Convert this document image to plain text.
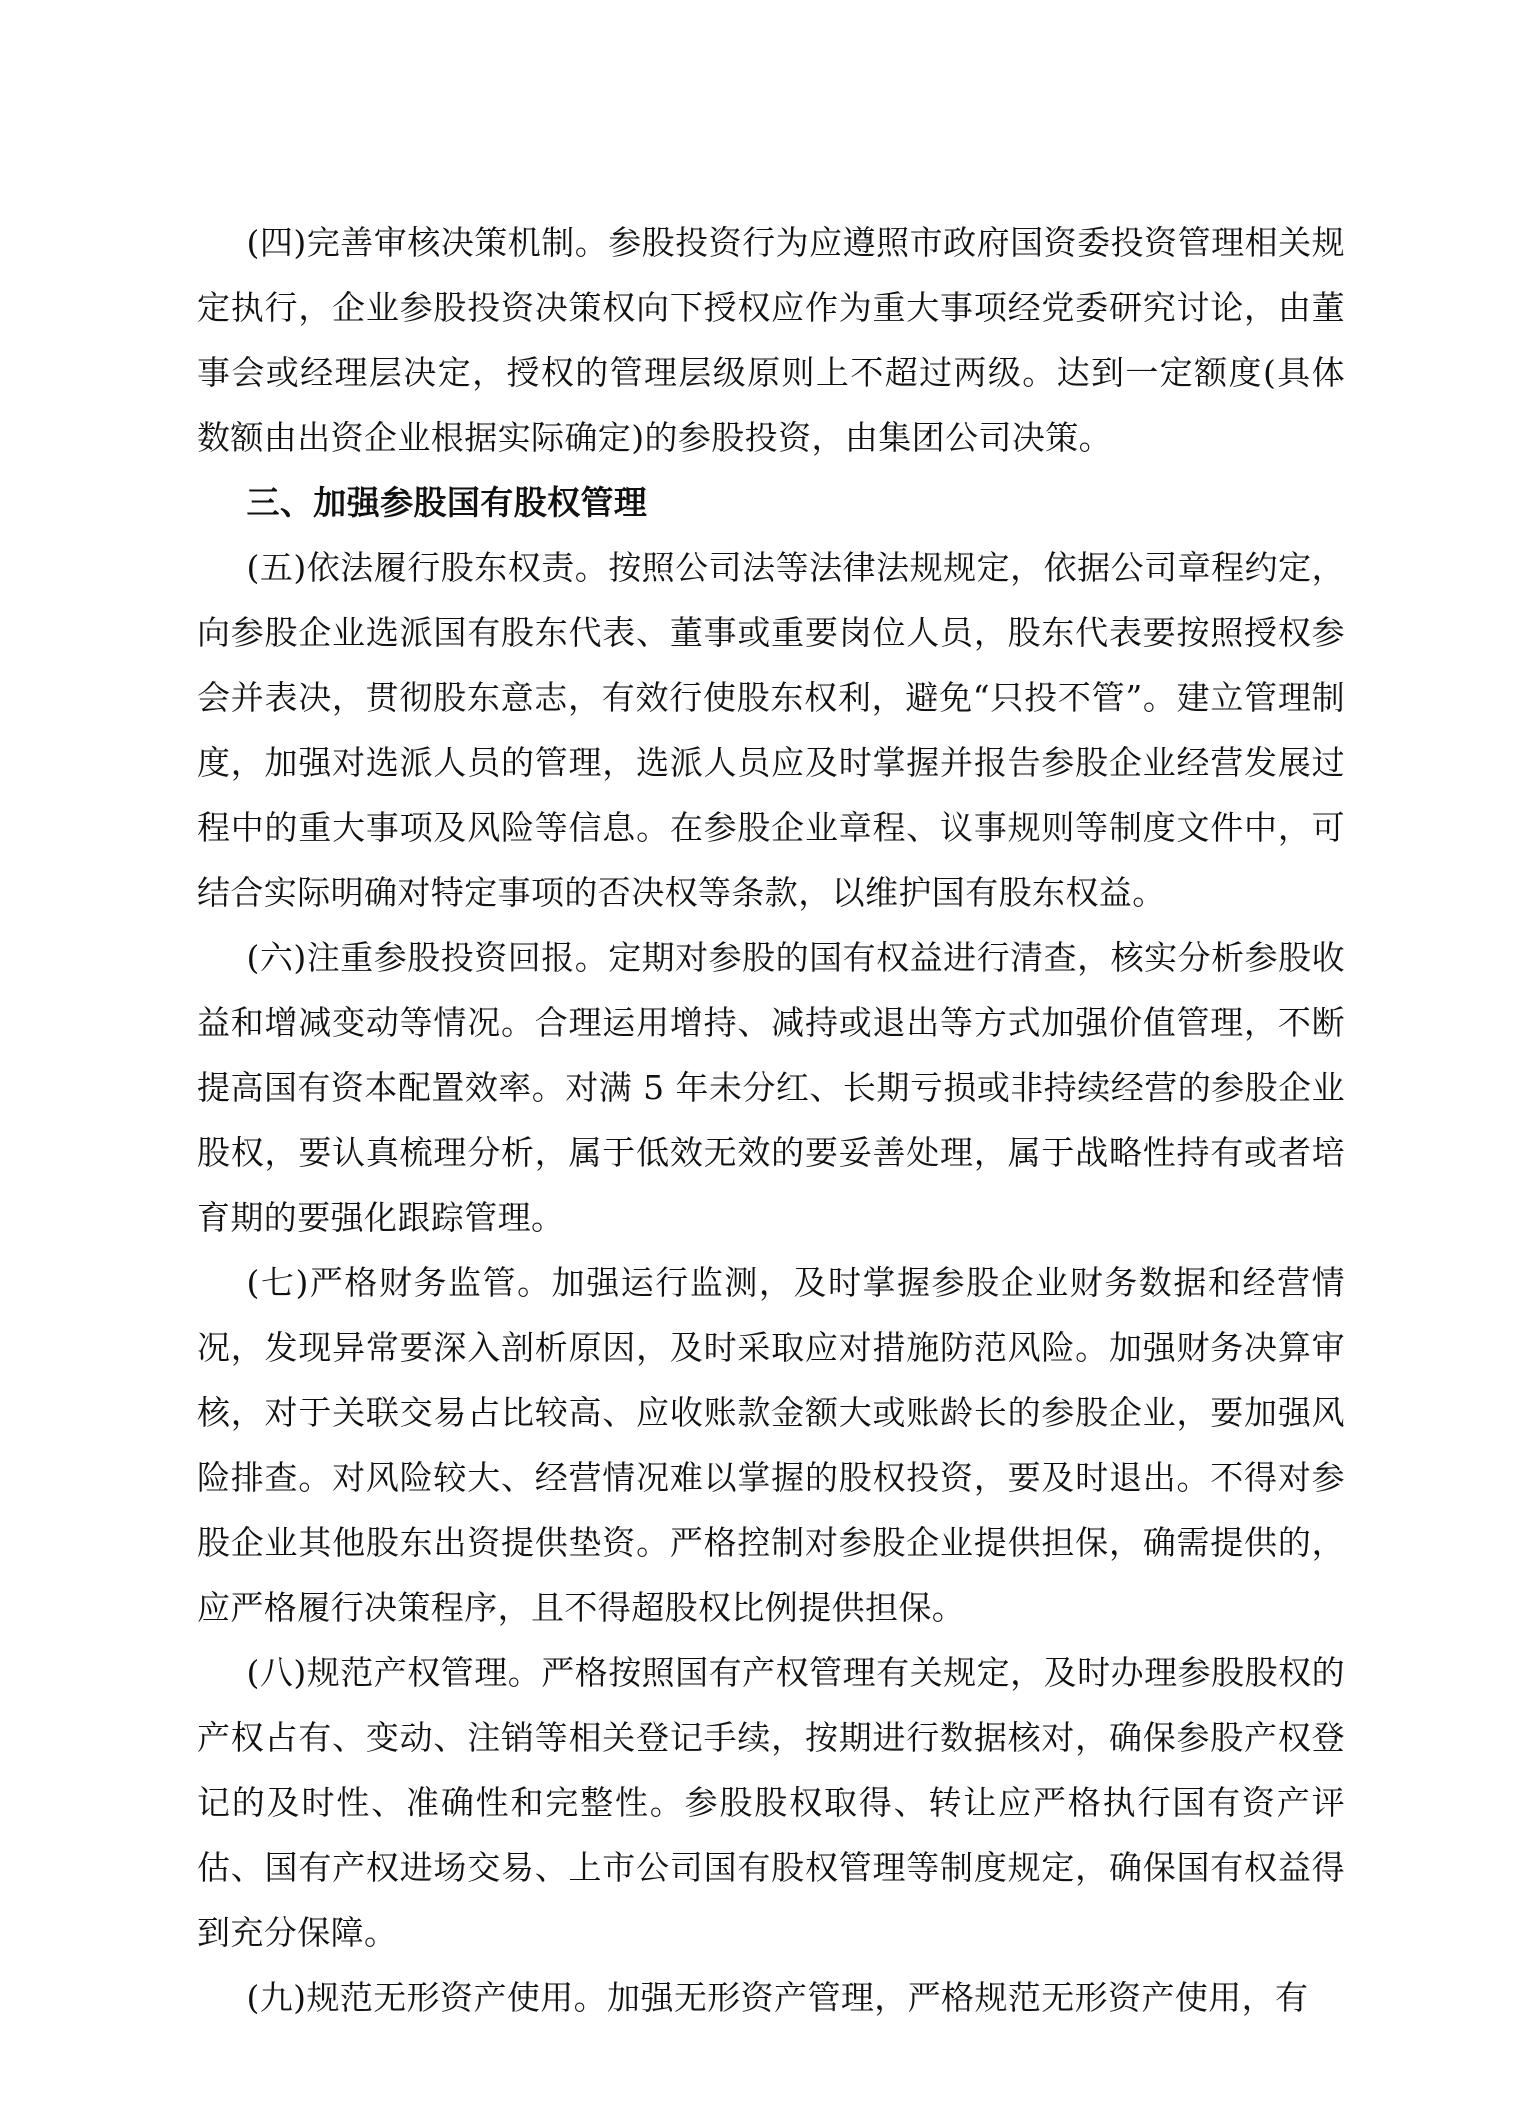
(四)完善审核决策机制。参股投资行为应遵照市政府国资委投资管理相关规定执行，企业参股投资决策权向下授权应作为重大事项经党委研究讨论，由董事会或经理层决定，授权的管理层级原则上不超过两级。达到一定额度(具体数额由出资企业根据实际确定)的参股投资，由集团公司决策。

三、加强参股国有股权管理

(五)依法履行股东权责。按照公司法等法律法规规定，依据公司章程约定，向参股企业选派国有股东代表、董事或重要岗位人员，股东代表要按照授权参会并表决，贯彻股东意志，有效行使股东权利，避免“只投不管”。建立管理制度，加强对选派人员的管理，选派人员应及时掌握并报告参股企业经营发展过程中的重大事项及风险等信息。在参股企业章程、议事规则等制度文件中，可结合实际明确对特定事项的否决权等条款，以维护国有股东权益。

(六)注重参股投资回报。定期对参股的国有权益进行清查，核实分析参股收益和增减变动等情况。合理运用增持、减持或退出等方式加强价值管理，不断提高国有资本配置效率。对满 5 年未分红、长期亏损或非持续经营的参股企业股权，要认真梳理分析，属于低效无效的要妥善处理，属于战略性持有或者培育期的要强化跟踪管理。

(七)严格财务监管。加强运行监测，及时掌握参股企业财务数据和经营情况，发现异常要深入剖析原因，及时采取应对措施防范风险。加强财务决算审核，对于关联交易占比较高、应收账款金额大或账龄长的参股企业，要加强风险排查。对风险较大、经营情况难以掌握的股权投资，要及时退出。不得对参股企业其他股东出资提供垫资。严格控制对参股企业提供担保，确需提供的，应严格履行决策程序，且不得超股权比例提供担保。

(八)规范产权管理。严格按照国有产权管理有关规定，及时办理参股股权的产权占有、变动、注销等相关登记手续，按期进行数据核对，确保参股产权登记的及时性、准确性和完整性。参股股权取得、转让应严格执行国有资产评估、国有产权进场交易、上市公司国有股权管理等制度规定，确保国有权益得到充分保障。

(九)规范无形资产使用。加强无形资产管理，严格规范无形资产使用，有
